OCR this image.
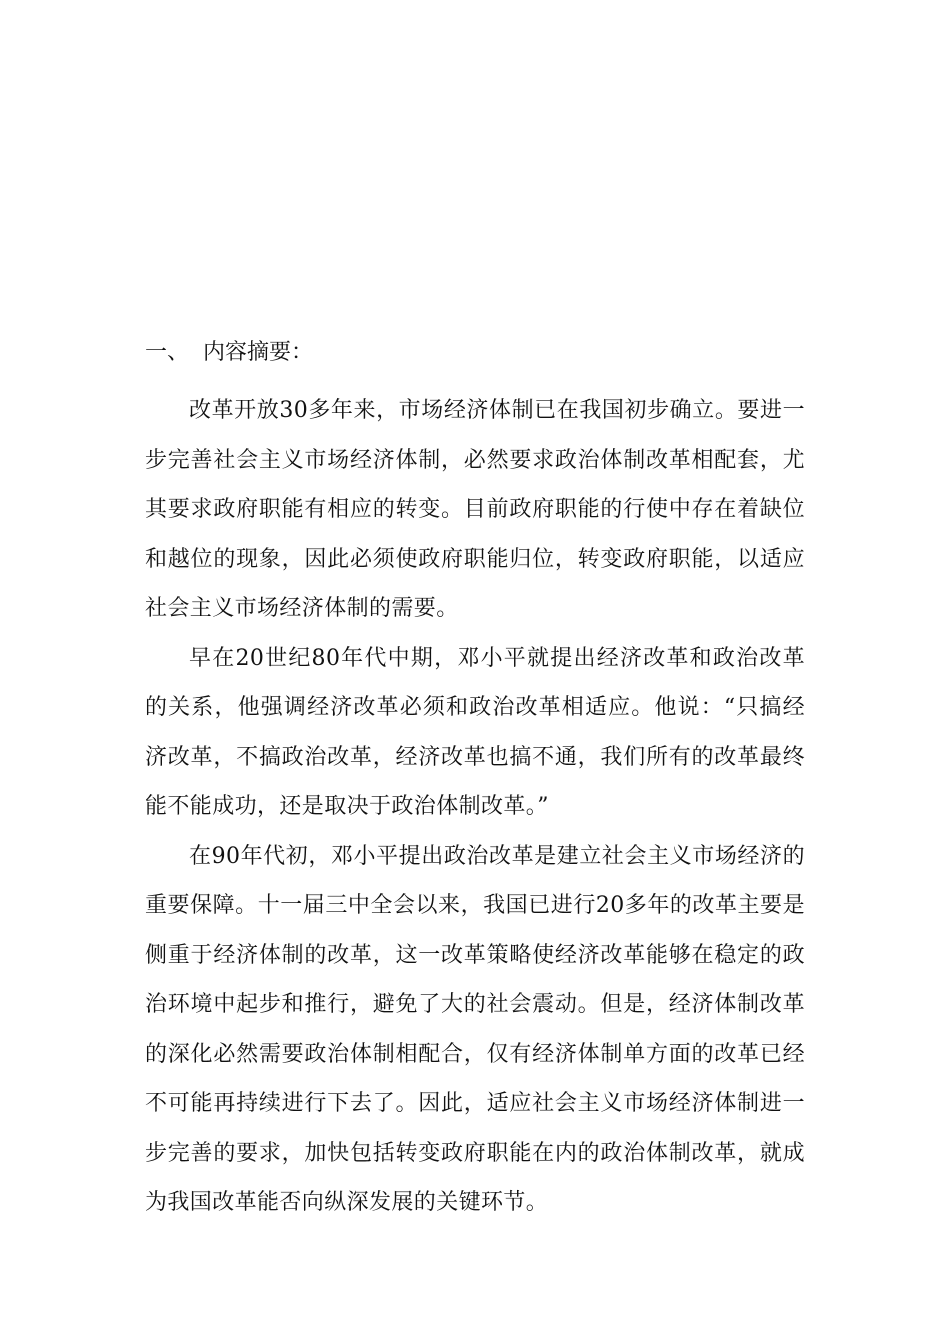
一、 内容摘要：

改革开放30多年来，市场经济体制已在我国初步确立。要进一步完善社会主义市场经济体制，必然要求政治体制改革相配套，尤其要求政府职能有相应的转变。目前政府职能的行使中存在着缺位和越位的现象，因此必须使政府职能归位，转变政府职能，以适应社会主义市场经济体制的需要。

早在20世纪80年代中期，邓小平就提出经济改革和政治改革的关系，他强调经济改革必须和政治改革相适应。他说：“只搞经济改革，不搞政治改革，经济改革也搞不通，我们所有的改革最终能不能成功，还是取决于政治体制改革。”

在90年代初，邓小平提出政治改革是建立社会主义市场经济的重要保障。十一届三中全会以来，我国已进行20多年的改革主要是侧重于经济体制的改革，这一改革策略使经济改革能够在稳定的政治环境中起步和推行，避免了大的社会震动。但是，经济体制改革的深化必然需要政治体制相配合，仅有经济体制单方面的改革已经不可能再持续进行下去了。因此，适应社会主义市场经济体制进一步完善的要求，加快包括转变政府职能在内的政治体制改革，就成为我国改革能否向纵深发展的关键环节。
